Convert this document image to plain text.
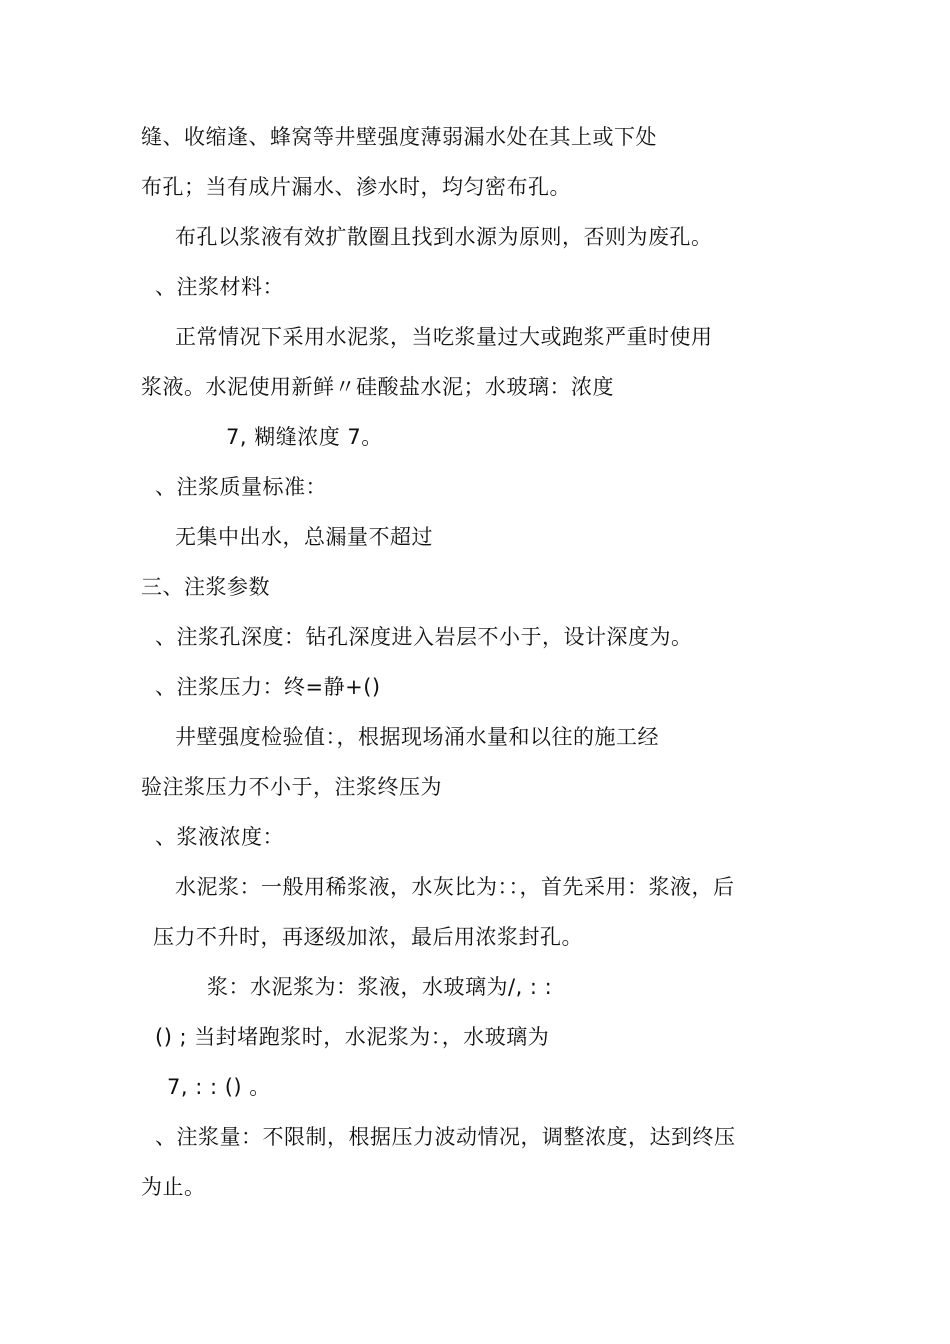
缝、收缩逢、蜂窝等井壁强度薄弱漏水处在其上或下处
布孔；当有成片漏水、渗水时，均匀密布孔。
布孔以浆液有效扩散圈且找到水源为原则，否则为废孔。
、注浆材料：
正常情况下采用水泥浆，当吃浆量过大或跑浆严重时使用
浆液。水泥使用新鲜〃硅酸盐水泥；水玻璃：浓度
7, 糊缝浓度 7。
、注浆质量标准：
无集中出水，总漏量不超过
三、注浆参数
、注浆孔深度：钻孔深度进入岩层不小于，设计深度为。
、注浆压力：终=静+()
井壁强度检验值：，根据现场涌水量和以往的施工经
验注浆压力不小于，注浆终压为
、浆液浓度：
水泥浆：一般用稀浆液，水灰比为：：，首先采用：浆液，后
压力不升时，再逐级加浓，最后用浓浆封孔。
浆：水泥浆为：浆液，水玻璃为/, : :
() ; 当封堵跑浆时，水泥浆为：，水玻璃为
7, : : () 。
、注浆量：不限制，根据压力波动情况，调整浓度，达到终压
为止。
